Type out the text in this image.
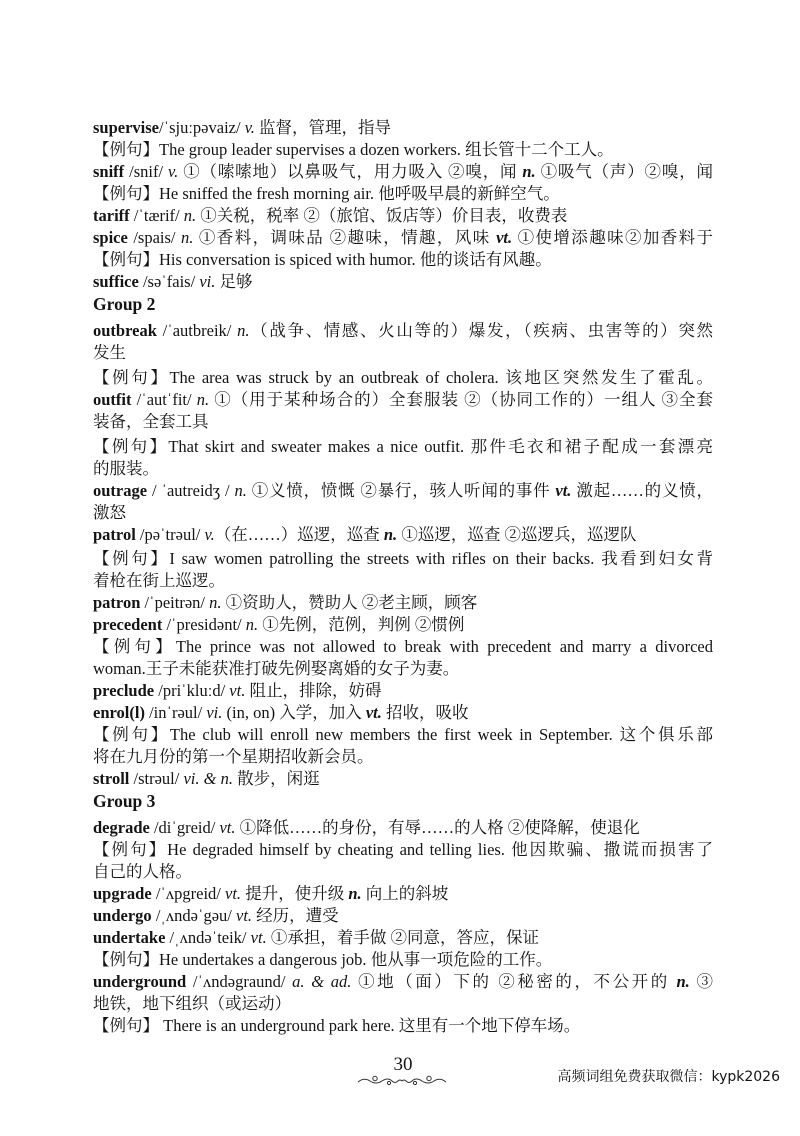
supervise/ˈsjuːpəvaiz/ v. 监督，管理，指导
【例句】The group leader supervises a dozen workers. 组长管十二个工人。
sniff /snif/ v. ①（嗦嗦地）以鼻吸气，用力吸入 ②嗅，闻 n. ①吸气（声）②嗅，闻
【例句】He sniffed the fresh morning air. 他呼吸早晨的新鲜空气。
tariff /ˈtærif/ n. ①关税，税率 ②（旅馆、饭店等）价目表，收费表
spice /spais/ n. ①香料，调味品 ②趣味，情趣，风味 vt. ①使增添趣味②加香料于
【例句】His conversation is spiced with humor. 他的谈话有风趣。
suffice /səˈfais/ vi. 足够
Group 2
outbreak /ˈautbreik/ n.（战争、情感、火山等的）爆发，（疾病、虫害等的）突然
发生
【例句】The area was struck by an outbreak of cholera. 该地区突然发生了霍乱。
outfit /ˈautˈfit/ n. ①（用于某种场合的）全套服装 ②（协同工作的）一组人 ③全套
装备，全套工具
【例句】That skirt and sweater makes a nice outfit. 那件毛衣和裙子配成一套漂亮
的服装。
outrage / ˈautreidʒ / n. ①义愤，愤慨 ②暴行，骇人听闻的事件 vt. 激起……的义愤，
激怒
patrol /pəˈtrəul/ v.（在……）巡逻，巡查 n. ①巡逻，巡查 ②巡逻兵，巡逻队
【例句】I saw women patrolling the streets with rifles on their backs. 我看到妇女背
着枪在街上巡逻。
patron /ˈpeitrən/ n. ①资助人，赞助人 ②老主顾，顾客
precedent /ˈpresidənt/ n. ①先例，范例，判例 ②惯例
【例句】The prince was not allowed to break with precedent and marry a divorced
woman.王子未能获准打破先例娶离婚的女子为妻。
preclude /priˈkluːd/ vt. 阻止，排除，妨碍
enrol(l) /inˈrəul/ vi. (in, on) 入学，加入 vt. 招收，吸收
【例句】The club will enroll new members the first week in September. 这个俱乐部
将在九月份的第一个星期招收新会员。
stroll /strəul/ vi. & n. 散步，闲逛
Group 3
degrade /diˈgreid/ vt. ①降低……的身份，有辱……的人格 ②使降解，使退化
【例句】He degraded himself by cheating and telling lies. 他因欺骗、撒谎而损害了
自己的人格。
upgrade /ˈʌpgreid/ vt. 提升，使升级 n. 向上的斜坡
undergo /ˌʌndəˈgəu/ vt. 经历，遭受
undertake /ˌʌndəˈteik/ vt. ①承担，着手做 ②同意，答应，保证
【例句】He undertakes a dangerous job. 他从事一项危险的工作。
underground /ˈʌndəgraund/ a. & ad. ①地（面）下的 ②秘密的，不公开的 n. ③
地铁，地下组织（或运动）
【例句】 There is an underground park here. 这里有一个地下停车场。
30
高频词组免费获取微信：kypk2026
